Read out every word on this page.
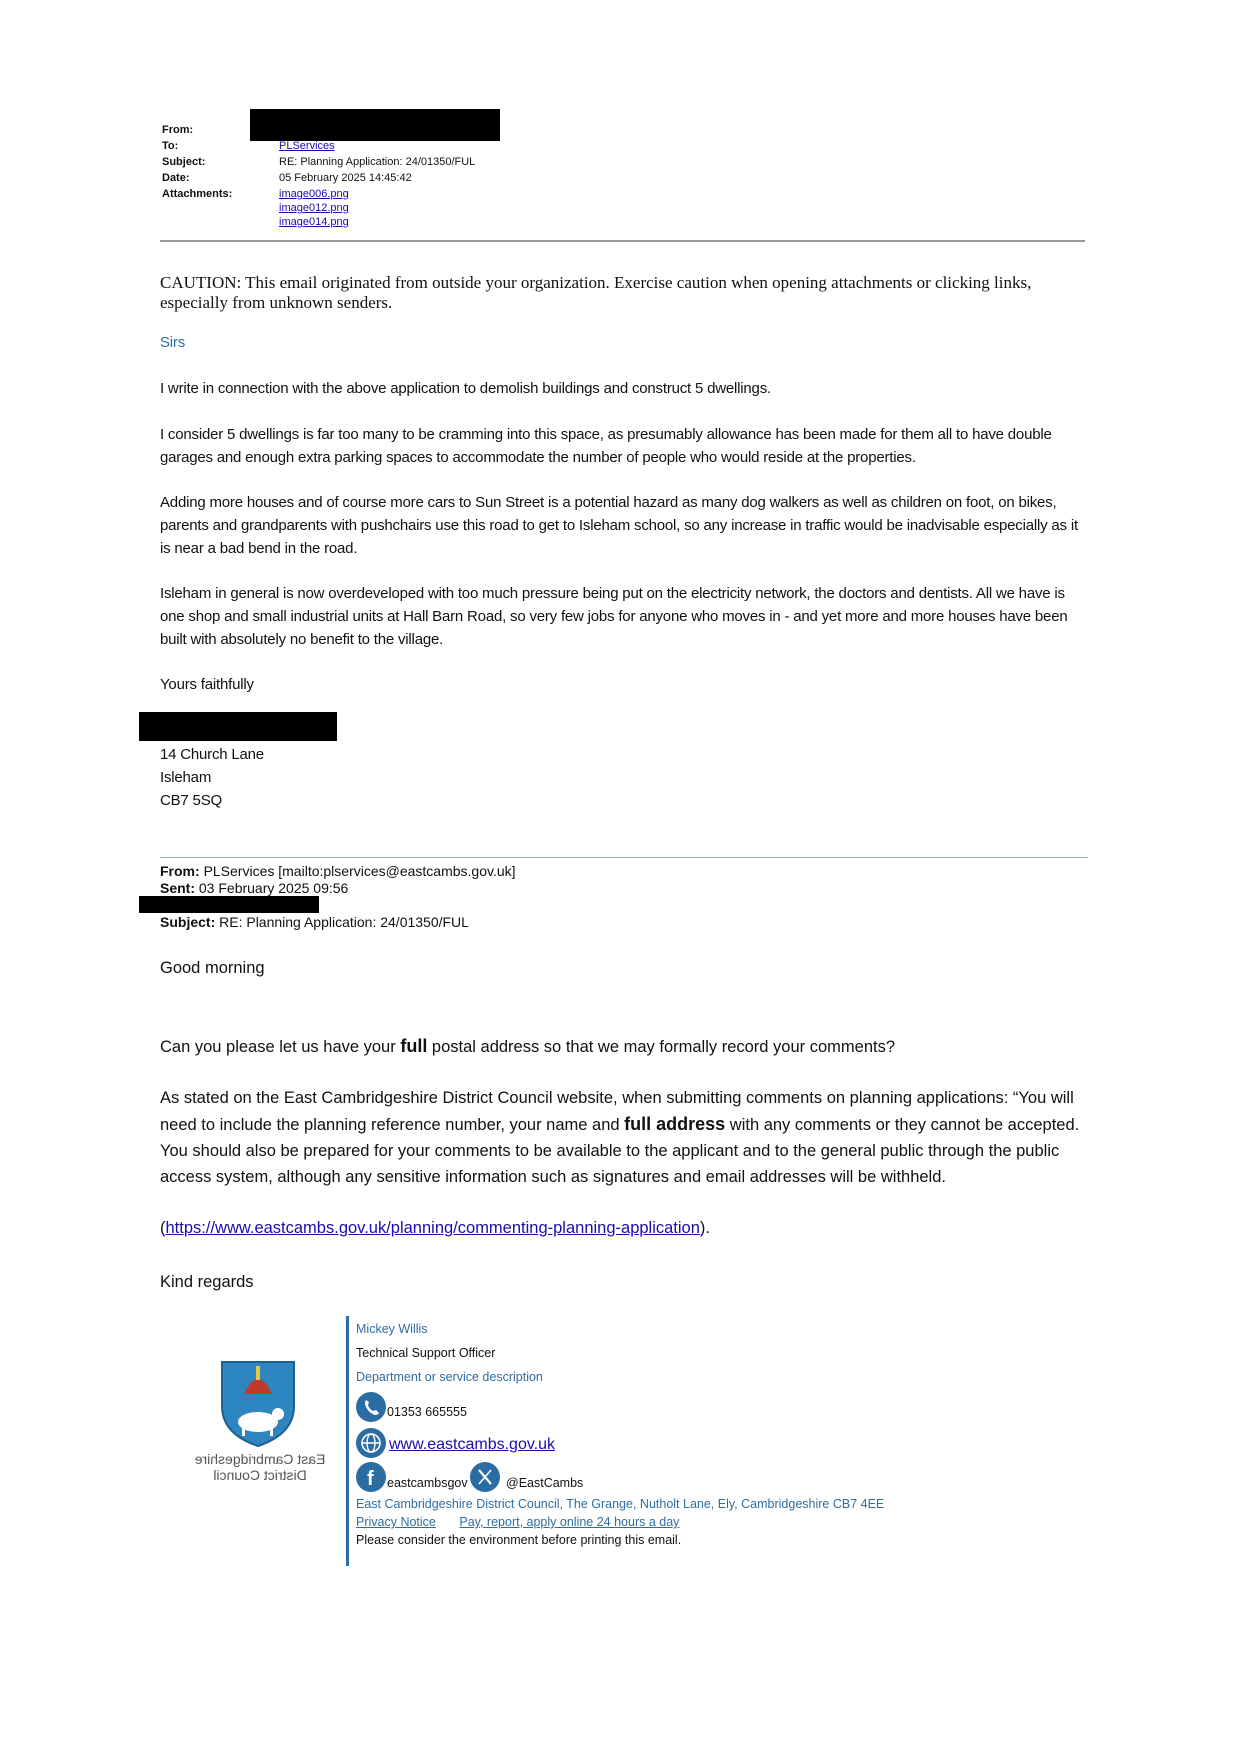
From:
To:	PLServices
Subject:	RE: Planning Application: 24/01350/FUL
Date:	05 February 2025 14:45:42
Attachments:	image006.png
image012.png
image014.png
CAUTION: This email originated from outside your organization. Exercise caution when opening attachments or clicking links, especially from unknown senders.
Sirs
I write in connection with the above application to demolish buildings and construct 5 dwellings.
I consider 5 dwellings is far too many to be cramming into this space, as presumably allowance has been made for them all to have double garages and enough extra parking spaces to accommodate the number of people who would reside at the properties.
Adding more houses and of course more cars to Sun Street is a potential hazard as many dog walkers as well as children on foot, on bikes, parents and grandparents with pushchairs use this road to get to Isleham school, so any increase in traffic would be inadvisable especially as it is near a bad bend in the road.
Isleham in general is now overdeveloped with too much pressure being put on the electricity network, the doctors and dentists. All we have is one shop and small industrial units at Hall Barn Road, so very few jobs for anyone who moves in - and yet more and more houses have been built with absolutely no benefit to the village.
Yours faithfully
14 Church Lane
Isleham
CB7 5SQ
From: PLServices [mailto:plservices@eastcambs.gov.uk]
Sent: 03 February 2025 09:56
Subject: RE: Planning Application: 24/01350/FUL
Good morning
Can you please let us have your full postal address so that we may formally record your comments?
As stated on the East Cambridgeshire District Council website, when submitting comments on planning applications: “You will need to include the planning reference number, your name and full address with any comments or they cannot be accepted. You should also be prepared for your comments to be available to the applicant and to the general public through the public access system, although any sensitive information such as signatures and email addresses will be withheld.
(https://www.eastcambs.gov.uk/planning/commenting-planning-application).
Kind regards
East Cambridgeshire
District Council
Mickey Willis
Technical Support Officer
Department or service description
01353 665555
www.eastcambs.gov.uk
f eastcambsgov	@EastCambs
East Cambridgeshire District Council, The Grange, Nutholt Lane, Ely, Cambridgeshire CB7 4EE
Privacy Notice Pay, report, apply online 24 hours a day
Please consider the environment before printing this email.
